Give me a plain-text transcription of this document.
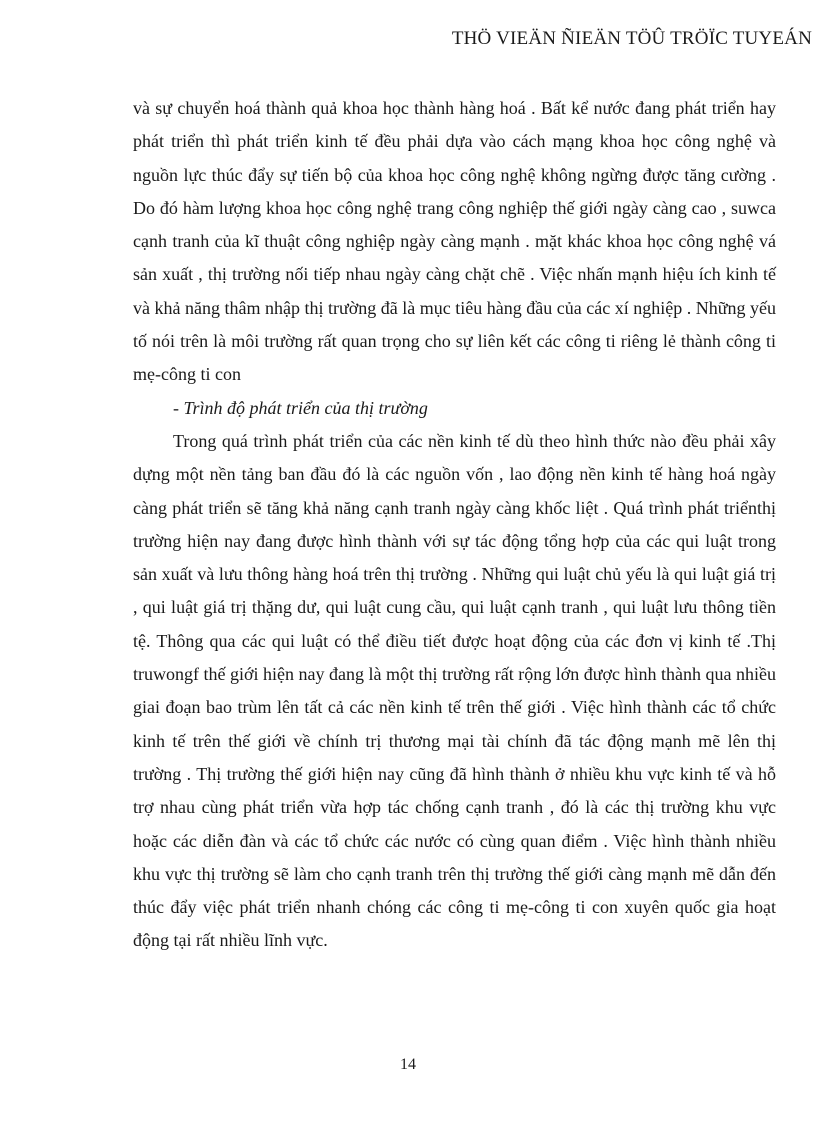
THÖ VIEÄN ÑIEÄN TÖÛ TRÖÏC TUYEÁN

và sự chuyển hoá thành quả khoa học thành hàng hoá . Bất kể nước đang phát triển hay phát triển thì phát triển kinh tế đều phải dựa vào cách mạng khoa học công nghệ và nguồn lực thúc đẩy sự tiến bộ của khoa học công nghệ không ngừng được tăng cường . Do đó hàm lượng khoa học công nghệ trang công nghiệp thế giới ngày càng cao , suwca cạnh tranh của kĩ thuật công nghiệp ngày càng mạnh . mặt khác khoa học công nghệ vá sản xuất , thị trường nối tiếp nhau ngày càng chặt chẽ . Việc nhấn mạnh hiệu ích kinh tế và khả năng thâm nhập thị trường đã là mục tiêu hàng đầu của các xí nghiệp . Những yếu tố nói trên là môi trường rất quan trọng cho sự liên kết các công ti riêng lẻ thành công ti mẹ-công ti con

- Trình độ phát triển của thị trường

Trong quá trình phát triển của các nền kinh tế dù theo hình thức nào đều phải xây dựng một nền tảng ban đầu đó là các nguồn vốn , lao động nền kinh tế hàng hoá ngày càng phát triển sẽ tăng khả năng cạnh tranh ngày càng khốc liệt . Quá trình phát triểnthị trường hiện nay đang được hình thành với sự tác động tổng hợp của các qui luật trong sản xuất và lưu thông hàng hoá trên thị trường . Những qui luật chủ yếu là qui luật giá trị , qui luật giá trị thặng dư, qui luật cung cầu, qui luật cạnh tranh , qui luật lưu thông tiền tệ. Thông qua các qui luật có thể điều tiết được hoạt động của các đơn vị kinh tế .Thị truwongf thế giới hiện nay đang là một thị trường rất rộng lớn được hình thành qua nhiều giai đoạn bao trùm lên tất cả các nền kinh tế trên thế giới . Việc hình thành các tổ chức kinh tế trên thế giới về chính trị thương mại tài chính đã tác động mạnh mẽ lên thị trường . Thị trường thế giới hiện nay cũng đã hình thành ở nhiều khu vực kinh tế và hỗ trợ nhau cùng phát triển vừa hợp tác chống cạnh tranh , đó là các thị trường khu vực hoặc các diễn đàn và các tổ chức các nước có cùng quan điểm . Việc hình thành nhiều khu vực thị trường sẽ làm cho cạnh tranh trên thị trường thế giới càng mạnh mẽ dẫn đến thúc đẩy việc phát triển nhanh chóng các công ti mẹ-công ti con xuyên quốc gia hoạt động tại rất nhiều lĩnh vực.

14
